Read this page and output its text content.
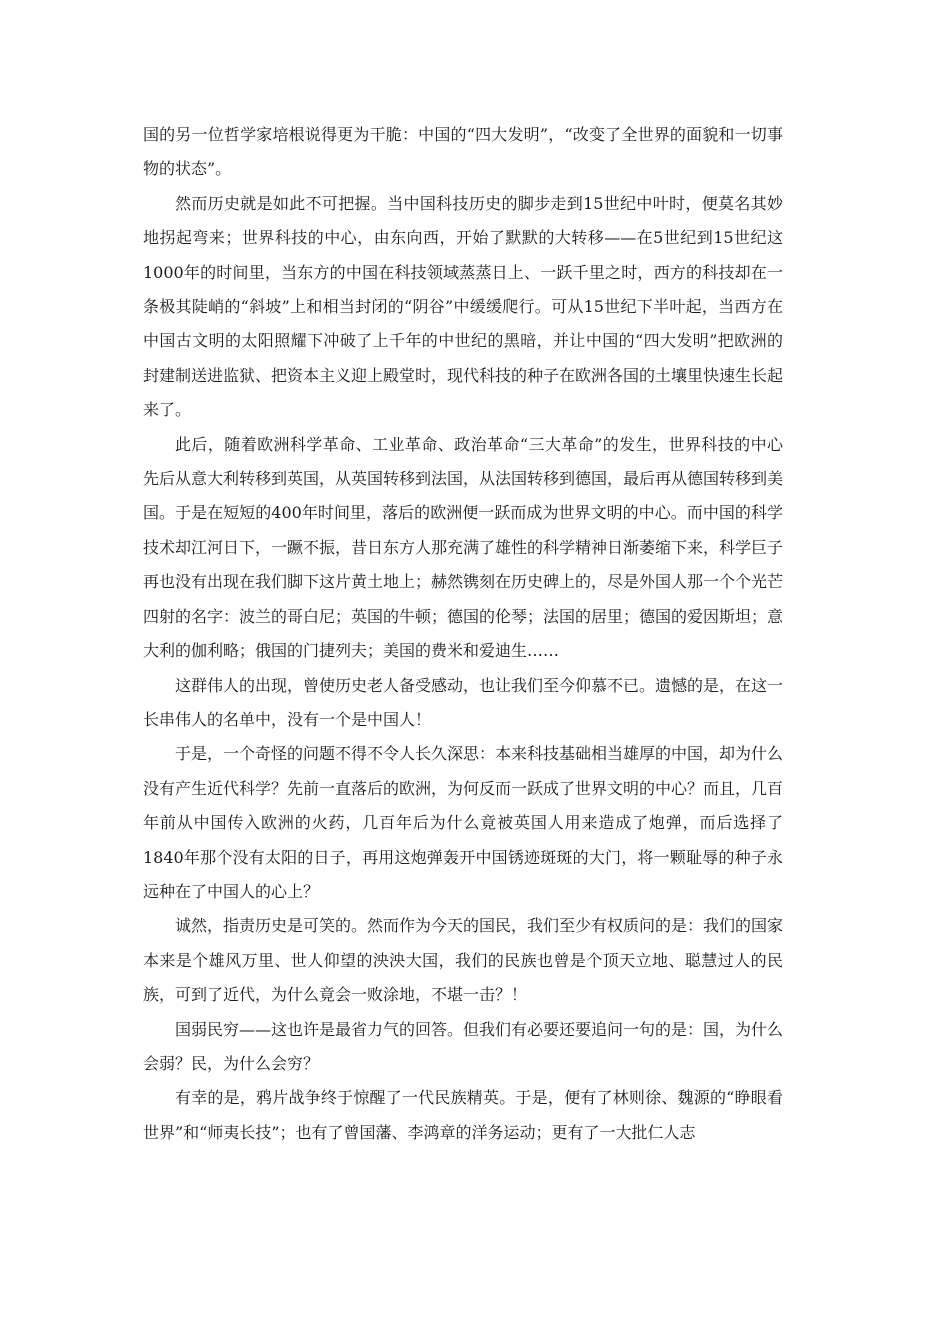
国的另一位哲学家培根说得更为干脆：中国的“四大发明”，“改变了全世界的面貌和一切事物的状态”。

然而历史就是如此不可把握。当中国科技历史的脚步走到15世纪中叶时，便莫名其妙地拐起弯来；世界科技的中心，由东向西，开始了默默的大转移——在5世纪到15世纪这1000年的时间里，当东方的中国在科技领域蒸蒸日上、一跃千里之时，西方的科技却在一条极其陡峭的“斜坡”上和相当封闭的“阴谷”中缓缓爬行。可从15世纪下半叶起，当西方在中国古文明的太阳照耀下冲破了上千年的中世纪的黑暗，并让中国的“四大发明”把欧洲的封建制送进监狱、把资本主义迎上殿堂时，现代科技的种子在欧洲各国的土壤里快速生长起来了。

此后，随着欧洲科学革命、工业革命、政治革命“三大革命”的发生，世界科技的中心先后从意大利转移到英国，从英国转移到法国，从法国转移到德国，最后再从德国转移到美国。于是在短短的400年时间里，落后的欧洲便一跃而成为世界文明的中心。而中国的科学技术却江河日下，一蹶不振，昔日东方人那充满了雄性的科学精神日渐萎缩下来，科学巨子再也没有出现在我们脚下这片黄土地上；赫然镌刻在历史碑上的，尽是外国人那一个个光芒四射的名字：波兰的哥白尼；英国的牛顿；德国的伦琴；法国的居里；德国的爱因斯坦；意大利的伽利略；俄国的门捷列夫；美国的费米和爱迪生……

这群伟人的出现，曾使历史老人备受感动，也让我们至今仰慕不已。遗憾的是，在这一长串伟人的名单中，没有一个是中国人！

于是，一个奇怪的问题不得不令人长久深思：本来科技基础相当雄厚的中国，却为什么没有产生近代科学？先前一直落后的欧洲，为何反而一跃成了世界文明的中心？而且，几百年前从中国传入欧洲的火药，几百年后为什么竟被英国人用来造成了炮弹，而后选择了1840年那个没有太阳的日子，再用这炮弹轰开中国锈迹斑斑的大门，将一颗耻辱的种子永远种在了中国人的心上？

诚然，指责历史是可笑的。然而作为今天的国民，我们至少有权质问的是：我们的国家本来是个雄风万里、世人仰望的泱泱大国，我们的民族也曾是个顶天立地、聪慧过人的民族，可到了近代，为什么竟会一败涂地，不堪一击？！

国弱民穷——这也许是最省力气的回答。但我们有必要还要追问一句的是：国，为什么会弱？民，为什么会穷？

有幸的是，鸦片战争终于惊醒了一代民族精英。于是，便有了林则徐、魏源的“睁眼看世界”和“师夷长技”；也有了曾国藩、李鸿章的洋务运动；更有了一大批仁人志
